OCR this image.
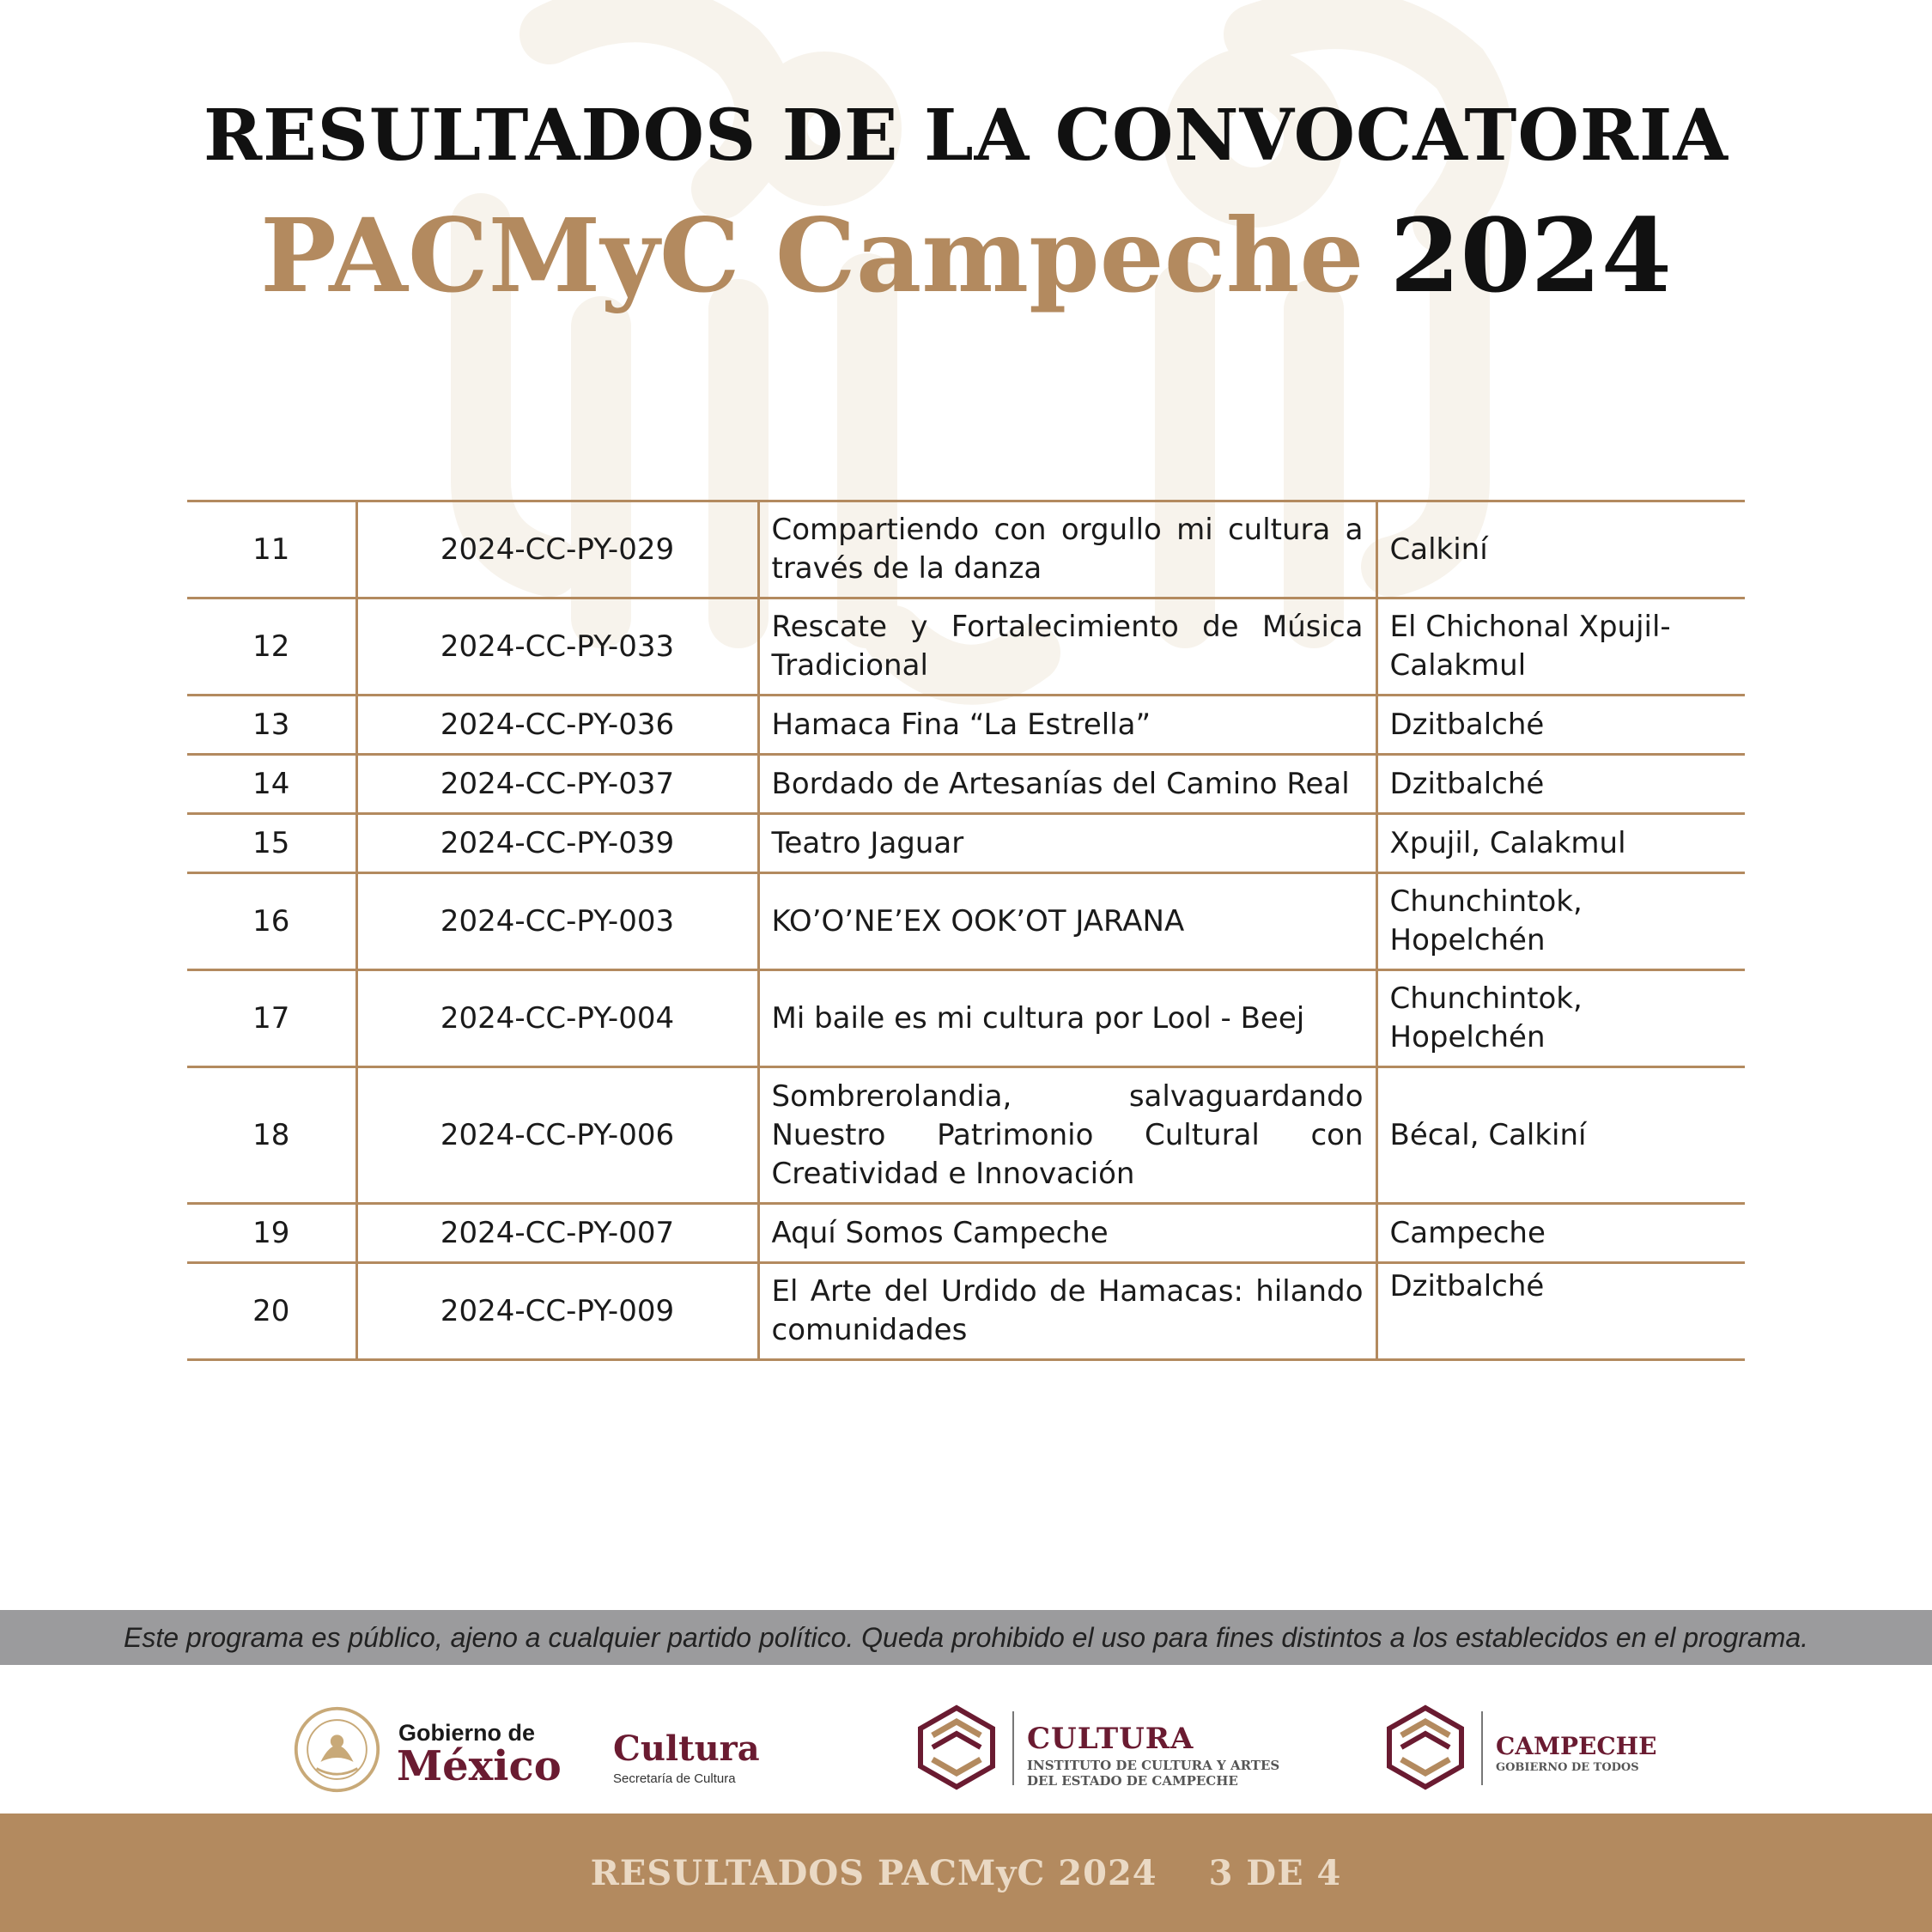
RESULTADOS DE LA CONVOCATORIA
PACMyC Campeche 2024
11	2024-CC-PY-029	Compartiendo con orgullo mi cultura a través de la danza	Calkiní
12	2024-CC-PY-033	Rescate y Fortalecimiento de Música Tradicional	El Chichonal Xpujil- Calakmul
13	2024-CC-PY-036	Hamaca Fina “La Estrella”	Dzitbalché
14	2024-CC-PY-037	Bordado de Artesanías del Camino Real	Dzitbalché
15	2024-CC-PY-039	Teatro Jaguar	Xpujil, Calakmul
16	2024-CC-PY-003	KO’O’NE’EX OOK’OT JARANA	Chunchintok, Hopelchén
17	2024-CC-PY-004	Mi baile es mi cultura por Lool - Beej	Chunchintok, Hopelchén
18	2024-CC-PY-006	Sombrerolandia, salvaguardando Nuestro Patrimonio Cultural con Creatividad e Innovación	Bécal, Calkiní
19	2024-CC-PY-007	Aquí Somos Campeche	Campeche
20	2024-CC-PY-009	El Arte del Urdido de Hamacas: hilando comunidades	Dzitbalché
Este programa es público, ajeno a cualquier partido político. Queda prohibido el uso para fines distintos a los establecidos en el programa.
Gobierno de
México Cultura
Secretaría de Cultura
CULTURA
INSTITUTO DE CULTURA Y ARTES
DEL ESTADO DE CAMPECHE
CAMPECHE
GOBIERNO DE TODOS
RESULTADOS PACMyC 2024 3 DE 4
